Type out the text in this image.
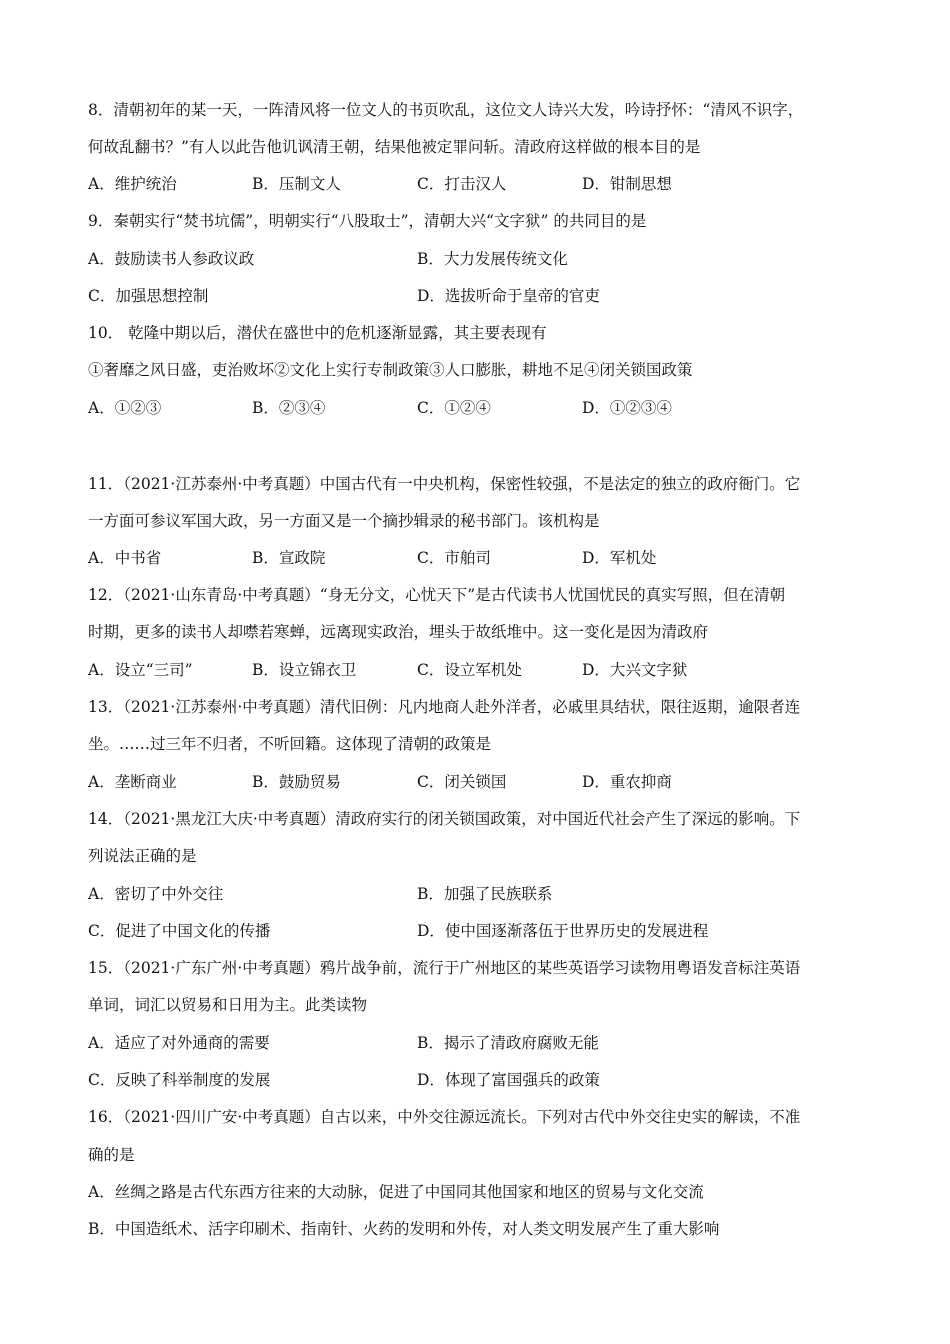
8．清朝初年的某一天，一阵清风将一位文人的书页吹乱，这位文人诗兴大发，吟诗抒怀：“清风不识字，
何故乱翻书？”有人以此告他讥讽清王朝，结果他被定罪问斩。清政府这样做的根本目的是
A．维护统治	B．压制文人	C．打击汉人	D．钳制思想
9．秦朝实行“焚书坑儒”，明朝实行“八股取士”，清朝大兴“文字狱” 的共同目的是
A．鼓励读书人参政议政	B．大力发展传统文化
C．加强思想控制	D．选拔听命于皇帝的官吏
10． 乾隆中期以后，潜伏在盛世中的危机逐渐显露，其主要表现有
①奢靡之风日盛，吏治败坏②文化上实行专制政策③人口膨胀，耕地不足④闭关锁国政策
A．①②③	B．②③④	C．①②④	D．①②③④
11．（2021·江苏泰州·中考真题）中国古代有一中央机构，保密性较强，不是法定的独立的政府衙门。它
一方面可参议军国大政，另一方面又是一个摘抄辑录的秘书部门。该机构是
A．中书省	B．宣政院	C．市舶司	D．军机处
12．（2021·山东青岛·中考真题）“身无分文，心忧天下”是古代读书人忧国忧民的真实写照，但在清朝
时期，更多的读书人却噤若寒蝉，远离现实政治，埋头于故纸堆中。这一变化是因为清政府
A．设立“三司”	B．设立锦衣卫	C．设立军机处	D．大兴文字狱
13．（2021·江苏泰州·中考真题）清代旧例：凡内地商人赴外洋者，必戚里具结状，限往返期，逾限者连
坐。……过三年不归者，不听回籍。这体现了清朝的政策是
A．垄断商业	B．鼓励贸易	C．闭关锁国	D．重农抑商
14．（2021·黑龙江大庆·中考真题）清政府实行的闭关锁国政策，对中国近代社会产生了深远的影响。下
列说法正确的是
A．密切了中外交往	B．加强了民族联系
C．促进了中国文化的传播	D．使中国逐渐落伍于世界历史的发展进程
15．（2021·广东广州·中考真题）鸦片战争前，流行于广州地区的某些英语学习读物用粤语发音标注英语
单词，词汇以贸易和日用为主。此类读物
A．适应了对外通商的需要	B．揭示了清政府腐败无能
C．反映了科举制度的发展	D．体现了富国强兵的政策
16．（2021·四川广安·中考真题）自古以来，中外交往源远流长。下列对古代中外交往史实的解读，不准
确的是
A．丝绸之路是古代东西方往来的大动脉，促进了中国同其他国家和地区的贸易与文化交流
B．中国造纸术、活字印刷术、指南针、火药的发明和外传，对人类文明发展产生了重大影响
